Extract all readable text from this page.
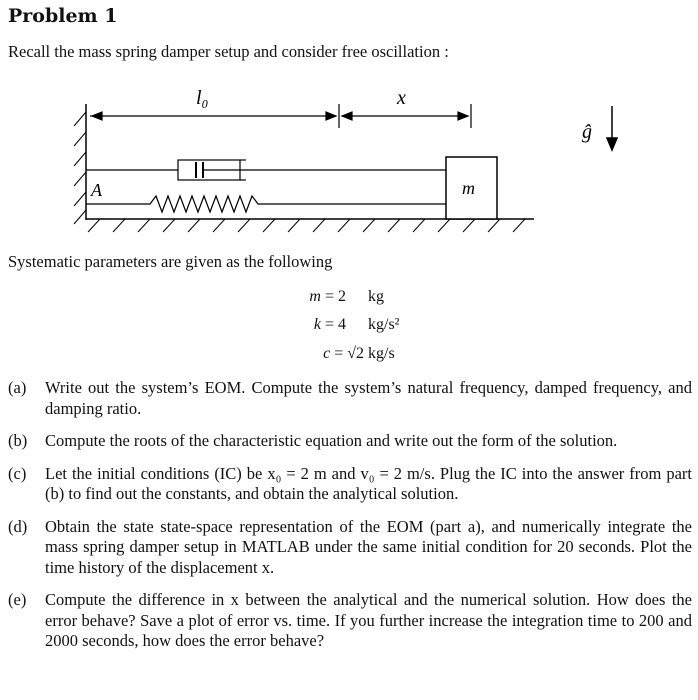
Problem 1
Recall the mass spring damper setup and consider free oscillation :
l₀	x
ĝ
A	m
Systematic parameters are given as the following
m = 2 kg
k = 4 kg/s²
c = √2 kg/s
(a) Write out the system’s EOM. Compute the system’s natural frequency, damped frequency, and damping ratio.
(b) Compute the roots of the characteristic equation and write out the form of the solution.
(c) Let the initial conditions (IC) be x₀ = 2 m and v₀ = 2 m/s. Plug the IC into the answer from part (b) to find out the constants, and obtain the analytical solution.
(d) Obtain the state state-space representation of the EOM (part a), and numerically integrate the mass spring damper setup in MATLAB under the same initial condition for 20 seconds. Plot the time history of the displacement x.
(e) Compute the difference in x between the analytical and the numerical solution. How does the error behave? Save a plot of error vs. time. If you further increase the integration time to 200 and 2000 seconds, how does the error behave?
